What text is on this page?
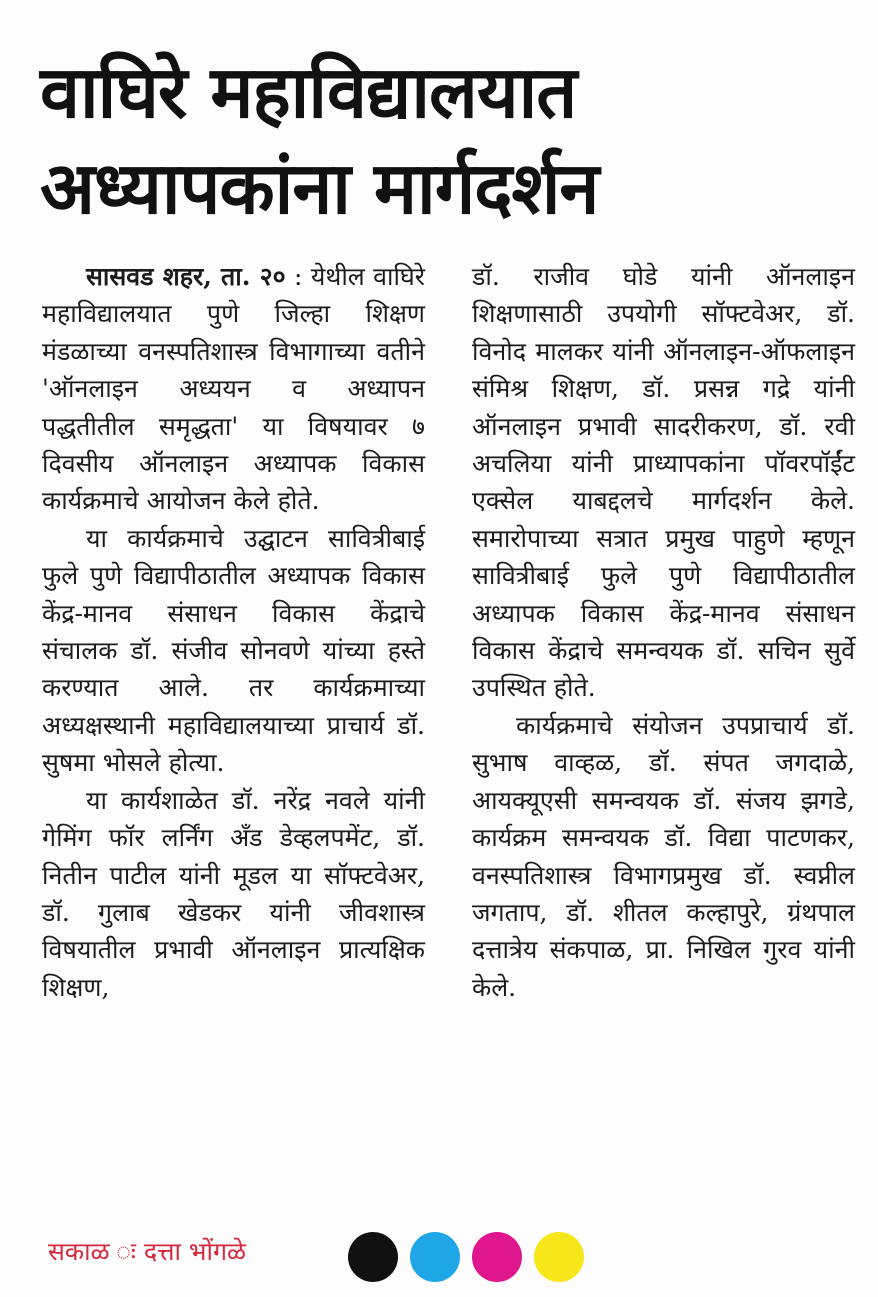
वाघिरे महाविद्यालयात
अध्यापकांना मार्गदर्शन

सासवड शहर, ता. २० : येथील वाघिरे महाविद्यालयात पुणे जिल्हा शिक्षण मंडळाच्या वनस्पतिशास्त्र विभागाच्या वतीने 'ऑनलाइन अध्ययन व अध्यापन पद्धतीतील समृद्धता' या विषयावर ७ दिवसीय ऑनलाइन अध्यापक विकास कार्यक्रमाचे आयोजन केले होते.

या कार्यक्रमाचे उद्घाटन सावित्रीबाई फुले पुणे विद्यापीठातील अध्यापक विकास केंद्र-मानव संसाधन विकास केंद्राचे संचालक डॉ. संजीव सोनवणे यांच्या हस्ते करण्यात आले. तर कार्यक्रमाच्या अध्यक्षस्थानी महाविद्यालयाच्या प्राचार्य डॉ. सुषमा भोसले होत्या.

या कार्यशाळेत डॉ. नरेंद्र नवले यांनी गेमिंग फॉर लर्निंग अँड डेव्हलपमेंट, डॉ. नितीन पाटील यांनी मूडल या सॉफ्टवेअर, डॉ. गुलाब खेडकर यांनी जीवशास्त्र विषयातील प्रभावी ऑनलाइन प्रात्यक्षिक शिक्षण,

डॉ. राजीव घोडे यांनी ऑनलाइन शिक्षणासाठी उपयोगी सॉफ्टवेअर, डॉ. विनोद मालकर यांनी ऑनलाइन-ऑफलाइन संमिश्र शिक्षण, डॉ. प्रसन्न गद्रे यांनी ऑनलाइन प्रभावी सादरीकरण, डॉ. रवी अचलिया यांनी प्राध्यापकांना पॉवरपॉईंट एक्सेल याबद्दलचे मार्गदर्शन केले. समारोपाच्या सत्रात प्रमुख पाहुणे म्हणून सावित्रीबाई फुले पुणे विद्यापीठातील अध्यापक विकास केंद्र-मानव संसाधन विकास केंद्राचे समन्वयक डॉ. सचिन सुर्वे उपस्थित होते.

कार्यक्रमाचे संयोजन उपप्राचार्य डॉ. सुभाष वाव्हळ, डॉ. संपत जगदाळे, आयक्यूएसी समन्वयक डॉ. संजय झगडे, कार्यक्रम समन्वयक डॉ. विद्या पाटणकर, वनस्पतिशास्त्र विभागप्रमुख डॉ. स्वप्नील जगताप, डॉ. शीतल कल्हापुरे, ग्रंथपाल दत्तात्रेय संकपाळ, प्रा. निखिल गुरव यांनी केले.

सकाळ ः दत्ता भोंगळे
